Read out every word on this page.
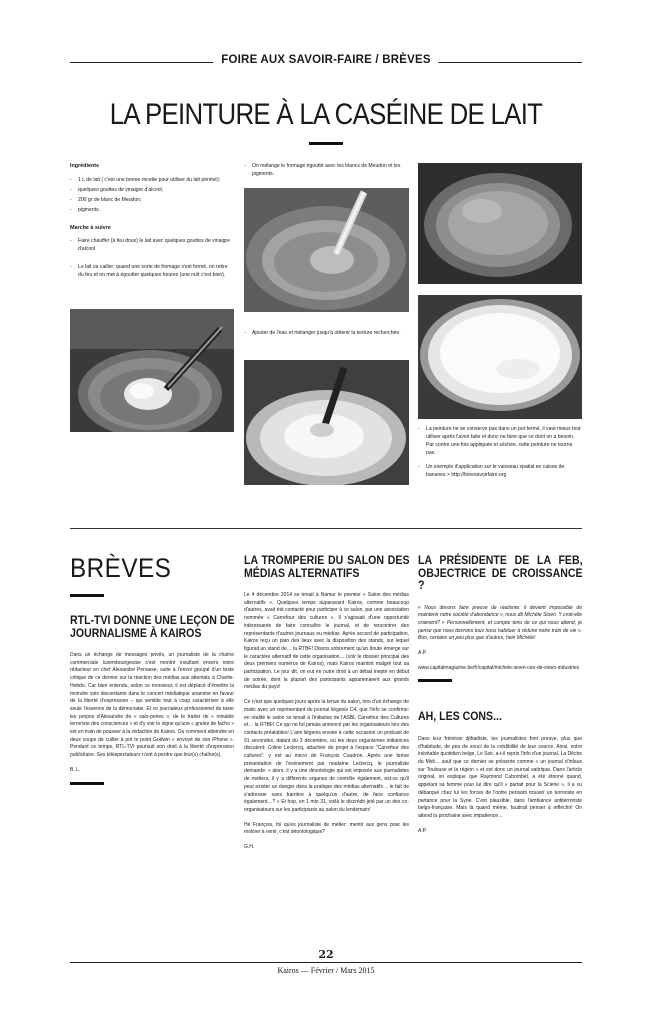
FOIRE AUX SAVOIR-FAIRE / BRÈVES
LA PEINTURE À LA CASÉINE DE LAIT
Ingrédients
- 1 L de lait ( c'est une bonne recette pour utiliser du lait périmé);
- quelques gouttes de vinaigre d'alcool;
- 200 gr de blanc de Meudon;
- pigments.
Marche à suivre
- Faire chauffer (à feu doux) le lait avec quelques gouttes de vinaigre d'alcool
- Le lait va cailler; quand une sorte de fromage s'est formé, on retire du feu et on met à égoutter quelques heures (une nuit c'est bien).
- On mélange le fromage égoutté avec les blancs de Meudon et les pigments.
- Ajouter de l'eau et mélanger jusqu'à obtenir la texture recherchée.
- La peinture ne se conserve pas dans un pot fermé, il vaut mieux tout utiliser après l'avoir faite et donc ne faire que ce dont on a besoin.
Par contre une fois appliquée et séchée, cette peinture ne tourne pas.
- Un exemple d'application sur le vaisseau spatial en caisse de bananes > http://foiresavoirfaire.org
BRÈVES
RTL-TVI DONNE UNE LEÇON DE JOURNALISME À KAIROS

Dans un échange de messages privés, un journaliste de la chaîne commerciale luxembourgeoise s'est montré insultant envers notre rédacteur en chef Alexandre Penasse, suite à l'envoi groupé d'un texte critique de ce dernier sur la réaction des médias aux attentats à Charlie-Hebdo. Car bien entendu, selon ce monsieur, il est déplacé d'émettre la moindre voix discordante dans le concert médiatique unanime en faveur de la liberté d'expression – qui semble tout à coup caractériser à elle seule l'essence de la démocratie. Et ce journaleux professionnel de taxer les propos d'Alexandre de « salo-peries », de le traiter de « minable terroriste des consciences » et d'y voir le signe qu'une « graine de facho » est en train de pousser à la rédaction de Kairos. Ou comment atteindre en deux coups de cuiller à pot le point Godwin « envoyé de son iPhone ». Pendant ce temps, RTL-TVI poursuit son droit à la liberté d'expression publicitaire. Ses téléspectateurs n'ont à perdre que leur(s) chaîne(s).

B. L.

LA TROMPERIE DU SALON DES MÉDIAS ALTERNATIFS

Le 4 décembre 2014 se tenait à Namur le premier « Salon des médias alternatifs ». Quelques temps auparavant Kairos, comme beaucoup d'autres, avait été contacté pour participer à ce salon, par une association nommée « Carrefour des cultures ». Il s'agissait d'une opportunité intéressante de faire connaître le journal, et de rencontrer des représentants d'autres journaux ou médias. Après accord de participation, Kairos reçu un plan des lieux avec la disposition des stands, sur lequel figurait un stand de… la RTBF! Disons sobrement qu'un doute émerge sur le caractère alternatif de cette organisation… (voir le dossier principal des deux premiers numéros de Kairos), mais Kairos maintint malgré tout sa participation. Le jour dit, on eut en outre droit à un débat inepte en début de soirée, dont la plupart des participants appartenaient aux grands médias du pays!

Ce n'est que quelques jours après la tenue du salon, lors d'un échange de mails avec un représentant du journal liégeois C4, que l'info se confirme: en réalité le salon se tenait à l'initiative de l'ASBL Carrefour des Cultures et… la RTBF! Ce qui ne fut jamais annoncé par les organisateurs lors des contacts préalables! L'ami liégeois envoie à cette occasion un podcast de 91 secondes, datant du 3 décembre, où les deux organismes initiatrices discutent: Coline Leclercq, attachée de projet à l'espace "Carrefour des cultures", y est au micro de François Caudron. Après une brève présentation de l'événement par madame Leclercq, le journaliste demande: « alors, il y a une déontologie qui est imposée aux journalistes de métiers, il y a différents organes de contrôle également, est-ce qu'il peut exister un danger dans la pratique des médias alternatifs… le fait de s'adresser sans barrière à quelqu'un d'autre, de faire confiance également…? » Et hop, en 1 min 31, voilà le discrédit jeté par un des co-organisateurs sur les participants au salon du lendemain!

Hé François, foi qu'es journaliste de métier: mentir aux gens pour les motiver à venir, c'est déontologique?

G.H.

LA PRÉSIDENTE DE LA FEB, OBJECTRICE DE CROISSANCE ?

« Nous devons faire preuve de réalisme: il devient impossible de maintenir notre société d'abondance », nous dit Michèle Sioen. Y croit-elle vraiment? « Personnellement, et compte tenu de ce qui nous attend, je pense que nous devrons tous nous habituer à réduire notre train de vie ». Bon, certains un peu plus que d'autres, hein Michèle!

A.P.

www.capitalmagazine.be/fr/capital/michele-sioen-ceo-de-sioen-industries

AH, LES CONS...

Dans leur frénésie djihadiste, les journalistes font preuve, plus que d'habitude, de peu de souci de la crédibilité de leur source. Ainsi, notre inévitable quotidien belge, Le Soir, a-t-il repris l'info d'un journal, La Dêche du Midi… sauf que ce dernier se présente comme « un journal d'infaux sur Toulouse et la région » et est donc un journal satirique. Dans l'article original, on explique que Raymond Cubombet, a été étonné quand, appelant sa femme pour lui dire qu'il « partait pour la Scierie », il a vu débarqué chez lui les forces de l'ordre pensant trouver un terroriste en partance pour la Syrie. C'est plausible, dans l'ambiance antiterroriste belgo-française. Mais là quand même, faudrait penser à réfléchir! On attend la prochaine avec impatience…

A.P.

22
Kairos — Février / Mars 2015
